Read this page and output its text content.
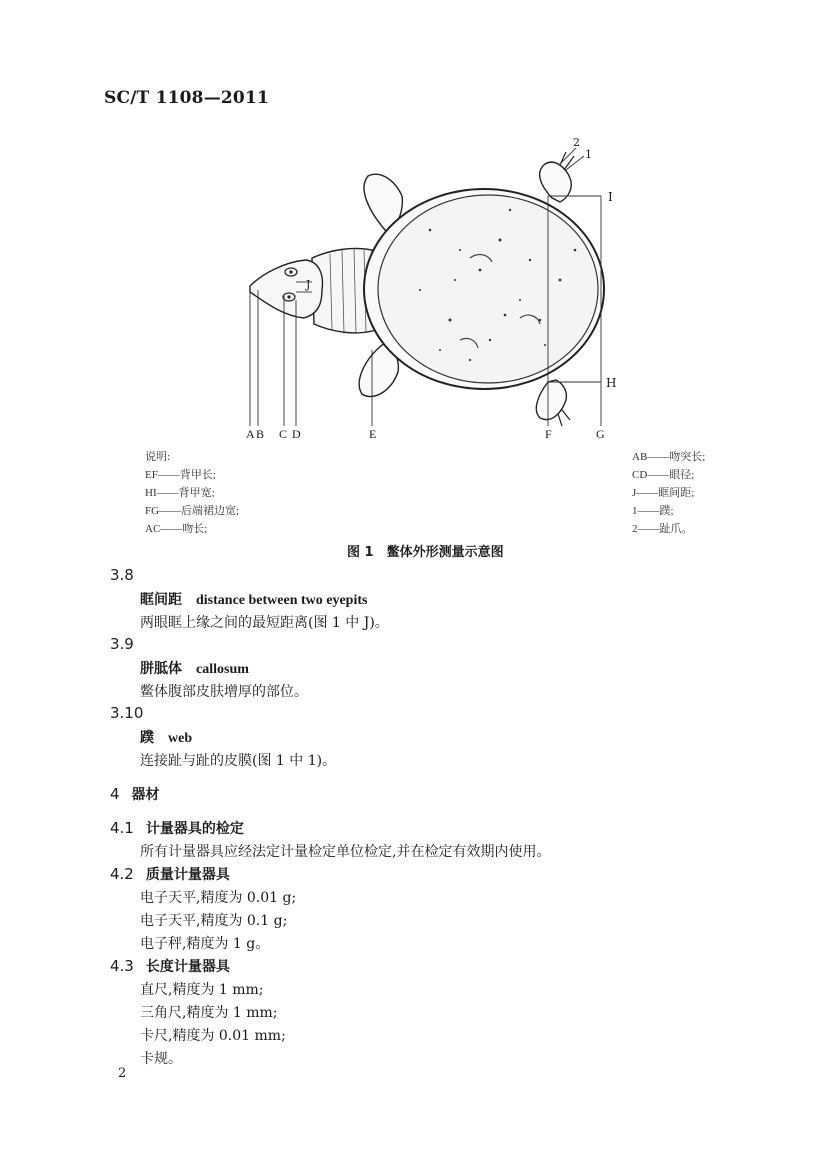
SC/T 1108—2011
I
H
J
1
2
A B C D	E	F	G
说明:
EF——背甲长;
HI——背甲宽;
FG——后端裙边宽;
AC——吻长;
AB——吻突长;
CD——眼径;
J——眶间距;
1——蹼;
2——趾爪。
图 1　鳖体外形测量示意图
3.8
眶间距 distance between two eyepits
两眼眶上缘之间的最短距离(图 1 中 J)。
3.9
胼胝体 callosum
鳖体腹部皮肤增厚的部位。
3.10
蹼 web
连接趾与趾的皮膜(图 1 中 1)。
4 器材
4.1 计量器具的检定
所有计量器具应经法定计量检定单位检定,并在检定有效期内使用。
4.2 质量计量器具
电子天平,精度为 0.01 g;
电子天平,精度为 0.1 g;
电子秤,精度为 1 g。
4.3 长度计量器具
直尺,精度为 1 mm;
三角尺,精度为 1 mm;
卡尺,精度为 0.01 mm;
卡规。
2
